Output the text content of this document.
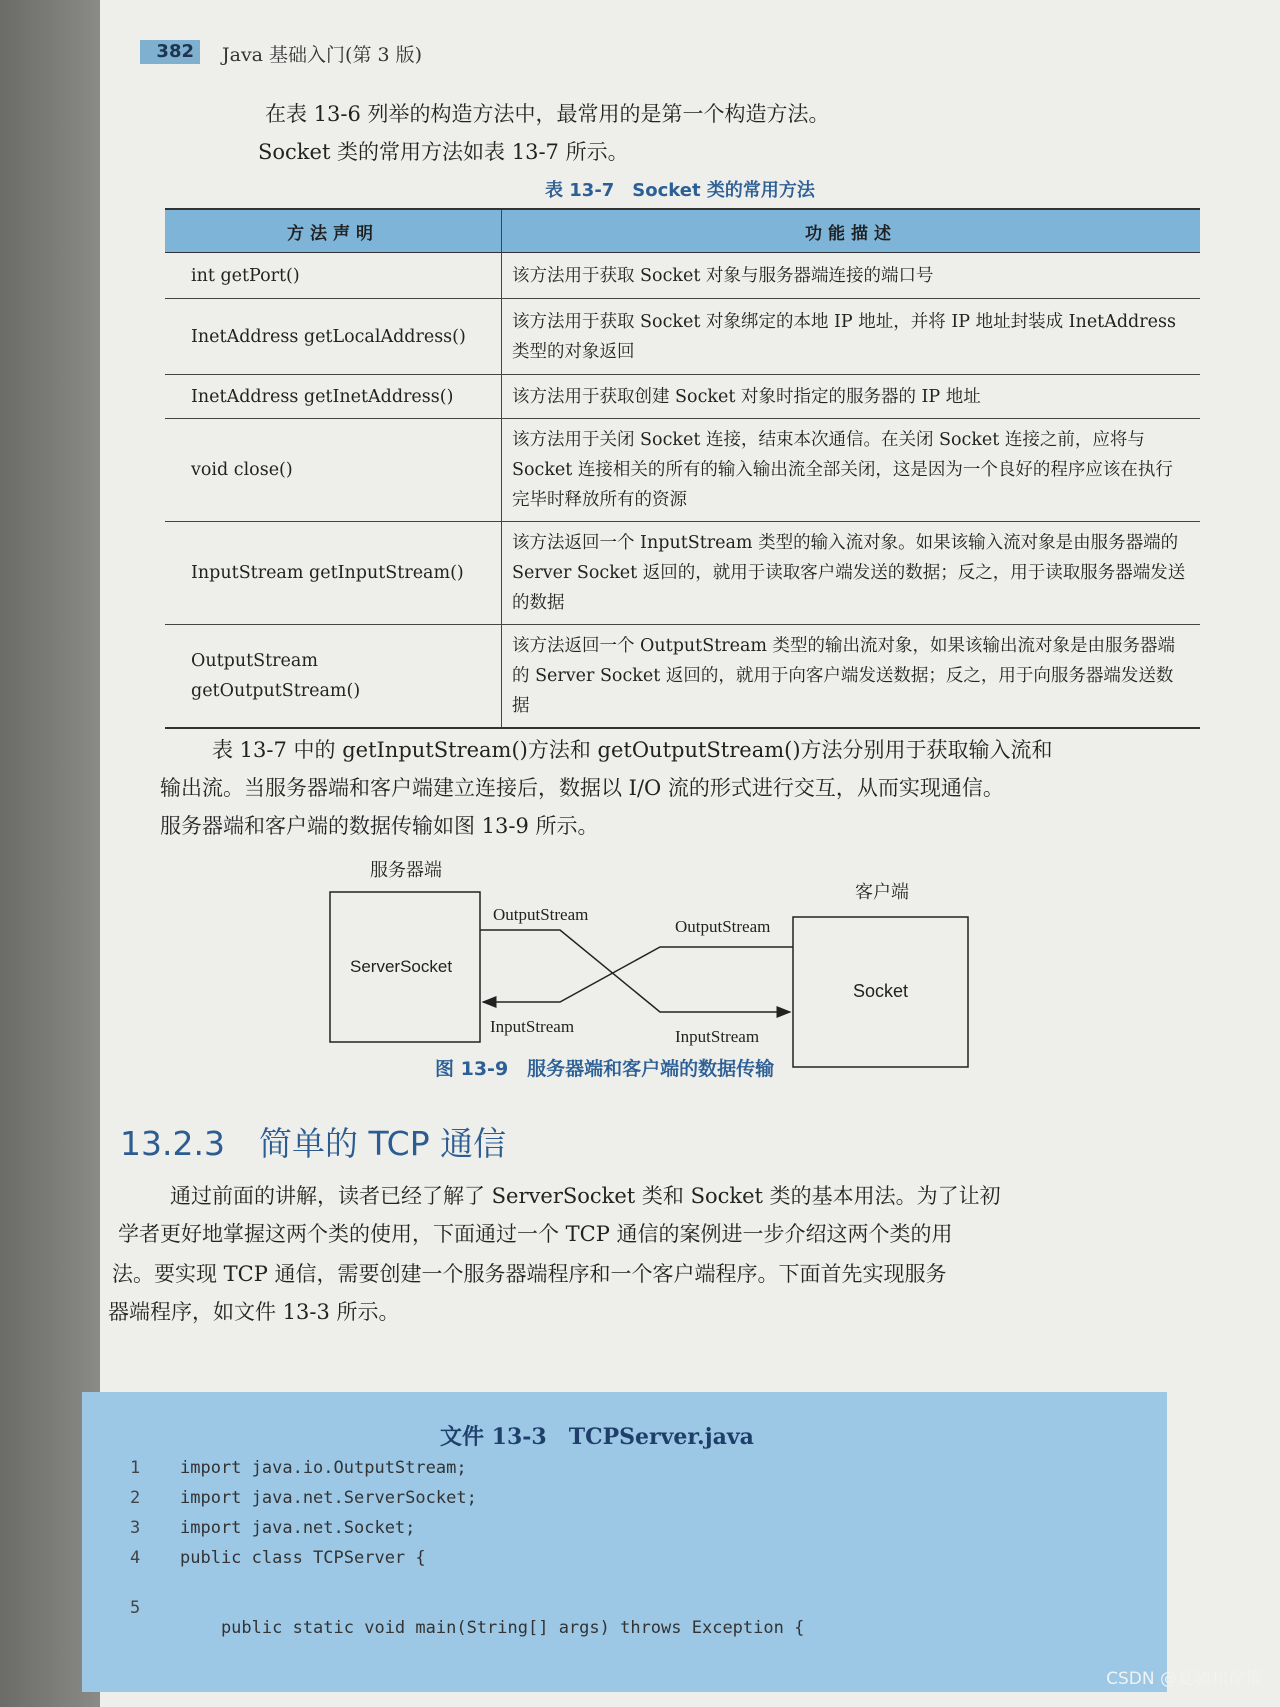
382	Java 基础入门(第 3 版)
在表 13-6 列举的构造方法中，最常用的是第一个构造方法。
Socket 类的常用方法如表 13-7 所示。
表 13-7　Socket 类的常用方法
方法声明	功能描述
int getPort()	该方法用于获取 Socket 对象与服务器端连接的端口号
InetAddress getLocalAddress()	该方法用于获取 Socket 对象绑定的本地 IP 地址，并将 IP 地址封装成 InetAddress 类型的对象返回
InetAddress getInetAddress()	该方法用于获取创建 Socket 对象时指定的服务器的 IP 地址
void close()	该方法用于关闭 Socket 连接，结束本次通信。在关闭 Socket 连接之前，应将与 Socket 连接相关的所有的输入输出流全部关闭，这是因为一个良好的程序应该在执行完毕时释放所有的资源
InputStream getInputStream()	该方法返回一个 InputStream 类型的输入流对象。如果该输入流对象是由服务器端的 Server Socket 返回的，就用于读取客户端发送的数据；反之，用于读取服务器端发送的数据
OutputStream getOutputStream()	该方法返回一个 OutputStream 类型的输出流对象，如果该输出流对象是由服务器端的 Server Socket 返回的，就用于向客户端发送数据；反之，用于向服务器端发送数据
表 13-7 中的 getInputStream()方法和 getOutputStream()方法分别用于获取输入流和
输出流。当服务器端和客户端建立连接后，数据以 I/O 流的形式进行交互，从而实现通信。
服务器端和客户端的数据传输如图 13-9 所示。
服务器端
客户端
ServerSocket
Socket
OutputStream
OutputStream
InputStream
InputStream
图 13-9　服务器端和客户端的数据传输
13.2.3 简单的 TCP 通信
通过前面的讲解，读者已经了解了 ServerSocket 类和 Socket 类的基本用法。为了让初
学者更好地掌握这两个类的使用，下面通过一个 TCP 通信的案例进一步介绍这两个类的用
法。要实现 TCP 通信，需要创建一个服务器端程序和一个客户端程序。下面首先实现服务
器端程序，如文件 13-3 所示。
文件 13-3　TCPServer.java
1 import java.io.OutputStream;
2 import java.net.ServerSocket;
3 import java.net.Socket;
4 public class TCPServer {

5

public static void main(String[] args) throws Exception {

CSDN @夏驰和徐策
